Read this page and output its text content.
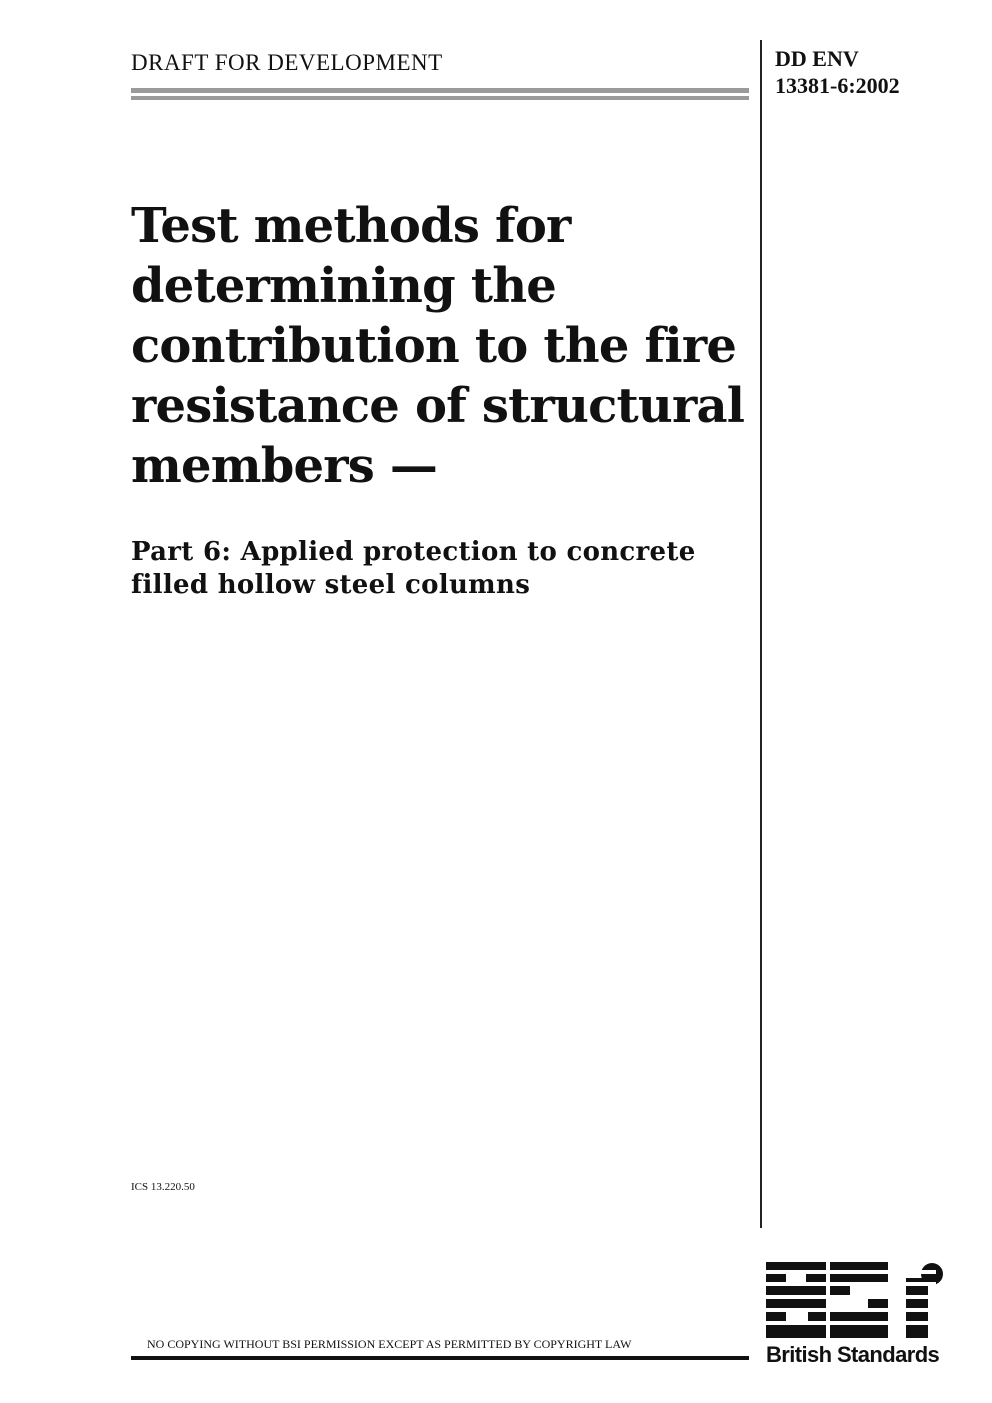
DRAFT FOR DEVELOPMENT	DD ENV
13381-6:2002
Test methods for
determining the
contribution to the fire
resistance of structural
members —
Part 6: Applied protection to concrete
filled hollow steel columns
ICS 13.220.50
NO COPYING WITHOUT BSI PERMISSION EXCEPT AS PERMITTED BY COPYRIGHT LAW	British Standards
